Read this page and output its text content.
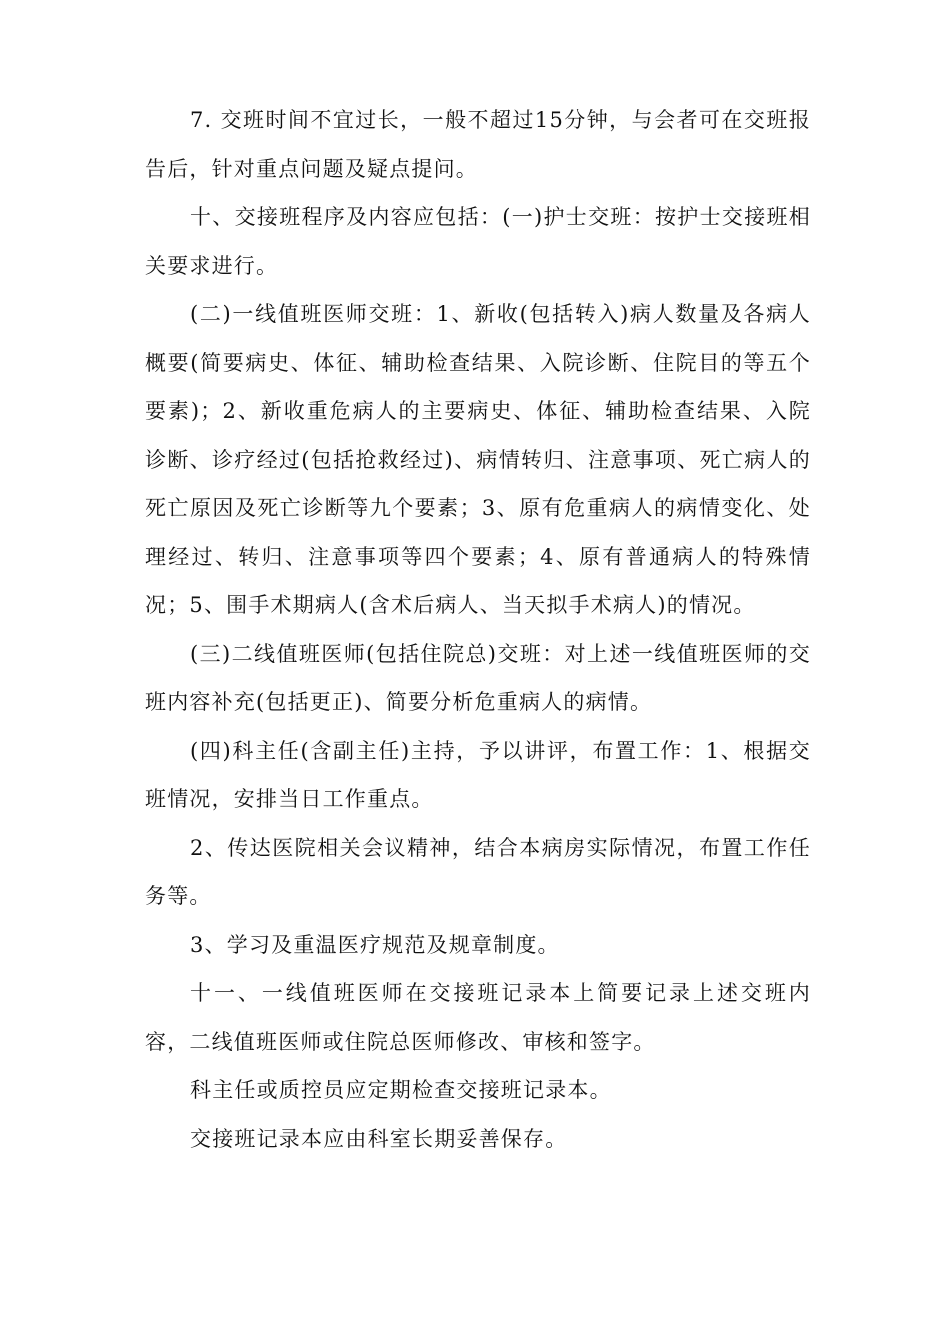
7. 交班时间不宜过长，一般不超过15分钟，与会者可在交班报告后，针对重点问题及疑点提问。

十、交接班程序及内容应包括：(一)护士交班：按护士交接班相关要求进行。

(二)一线值班医师交班：1、新收(包括转入)病人数量及各病人概要(简要病史、体征、辅助检查结果、入院诊断、住院目的等五个要素)；2、新收重危病人的主要病史、体征、辅助检查结果、入院诊断、诊疗经过(包括抢救经过)、病情转归、注意事项、死亡病人的死亡原因及死亡诊断等九个要素；3、原有危重病人的病情变化、处理经过、转归、注意事项等四个要素；4、原有普通病人的特殊情况；5、围手术期病人(含术后病人、当天拟手术病人)的情况。

(三)二线值班医师(包括住院总)交班：对上述一线值班医师的交班内容补充(包括更正)、简要分析危重病人的病情。

(四)科主任(含副主任)主持，予以讲评，布置工作：1、根据交班情况，安排当日工作重点。

2、传达医院相关会议精神，结合本病房实际情况，布置工作任务等。

3、学习及重温医疗规范及规章制度。

十一、一线值班医师在交接班记录本上简要记录上述交班内容，二线值班医师或住院总医师修改、审核和签字。

科主任或质控员应定期检查交接班记录本。

交接班记录本应由科室长期妥善保存。
